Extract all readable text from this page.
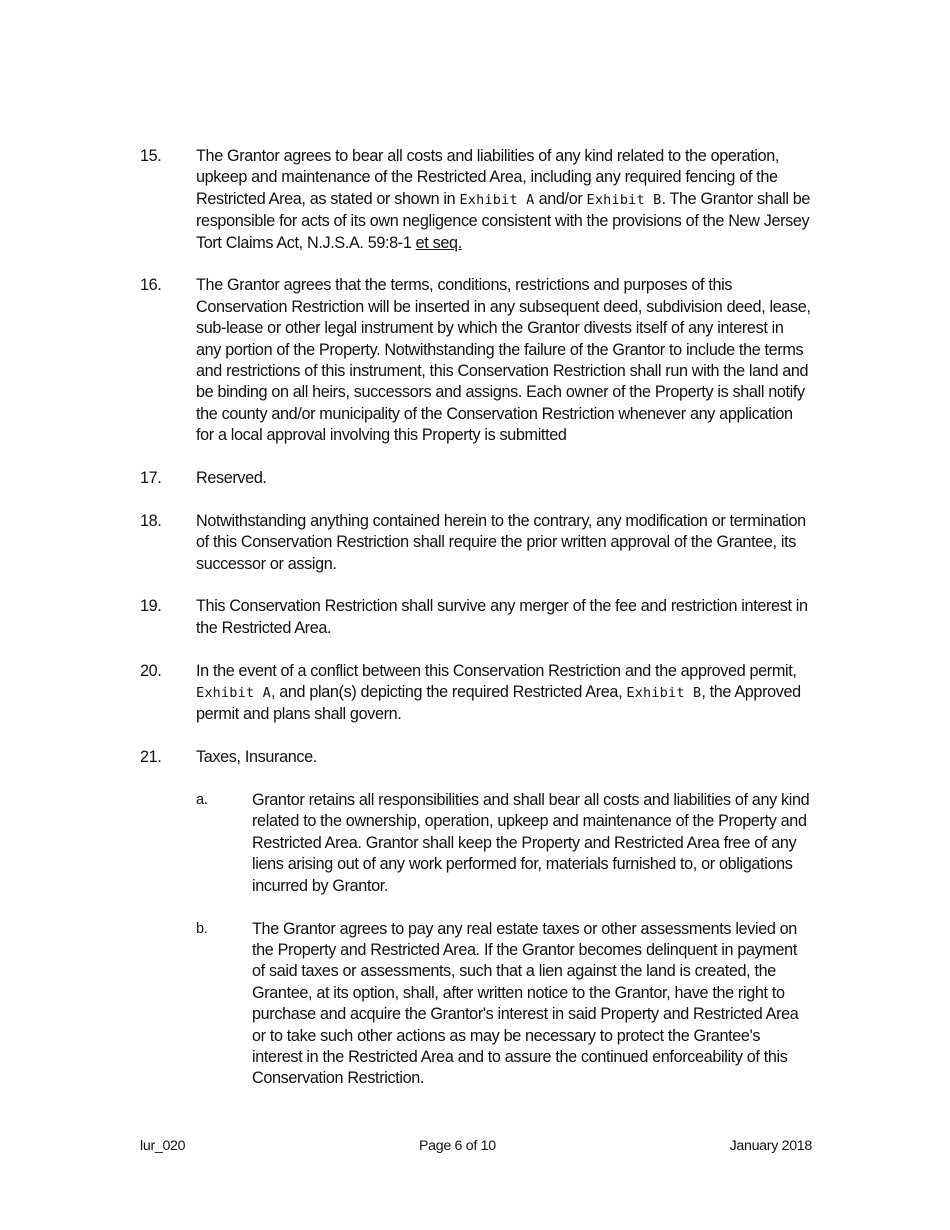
15.	The Grantor agrees to bear all costs and liabilities of any kind related to the operation, upkeep and maintenance of the Restricted Area, including any required fencing of the Restricted Area, as stated or shown in Exhibit A and/or Exhibit B. The Grantor shall be responsible for acts of its own negligence consistent with the provisions of the New Jersey Tort Claims Act, N.J.S.A. 59:8-1 et seq.
16.	The Grantor agrees that the terms, conditions, restrictions and purposes of this Conservation Restriction will be inserted in any subsequent deed, subdivision deed, lease, sub-lease or other legal instrument by which the Grantor divests itself of any interest in any portion of the Property. Notwithstanding the failure of the Grantor to include the terms and restrictions of this instrument, this Conservation Restriction shall run with the land and be binding on all heirs, successors and assigns. Each owner of the Property is shall notify the county and/or municipality of the Conservation Restriction whenever any application for a local approval involving this Property is submitted
17.	Reserved.
18.	Notwithstanding anything contained herein to the contrary, any modification or termination of this Conservation Restriction shall require the prior written approval of the Grantee, its successor or assign.
19.	This Conservation Restriction shall survive any merger of the fee and restriction interest in the Restricted Area.
20.	In the event of a conflict between this Conservation Restriction and the approved permit, Exhibit A, and plan(s) depicting the required Restricted Area, Exhibit B, the Approved permit and plans shall govern.
21.	Taxes, Insurance.
a.	Grantor retains all responsibilities and shall bear all costs and liabilities of any kind related to the ownership, operation, upkeep and maintenance of the Property and Restricted Area. Grantor shall keep the Property and Restricted Area free of any liens arising out of any work performed for, materials furnished to, or obligations incurred by Grantor.
b.	The Grantor agrees to pay any real estate taxes or other assessments levied on the Property and Restricted Area. If the Grantor becomes delinquent in payment of said taxes or assessments, such that a lien against the land is created, the Grantee, at its option, shall, after written notice to the Grantor, have the right to purchase and acquire the Grantor's interest in said Property and Restricted Area or to take such other actions as may be necessary to protect the Grantee's interest in the Restricted Area and to assure the continued enforceability of this Conservation Restriction.
lur_020	Page 6 of 10	January 2018
